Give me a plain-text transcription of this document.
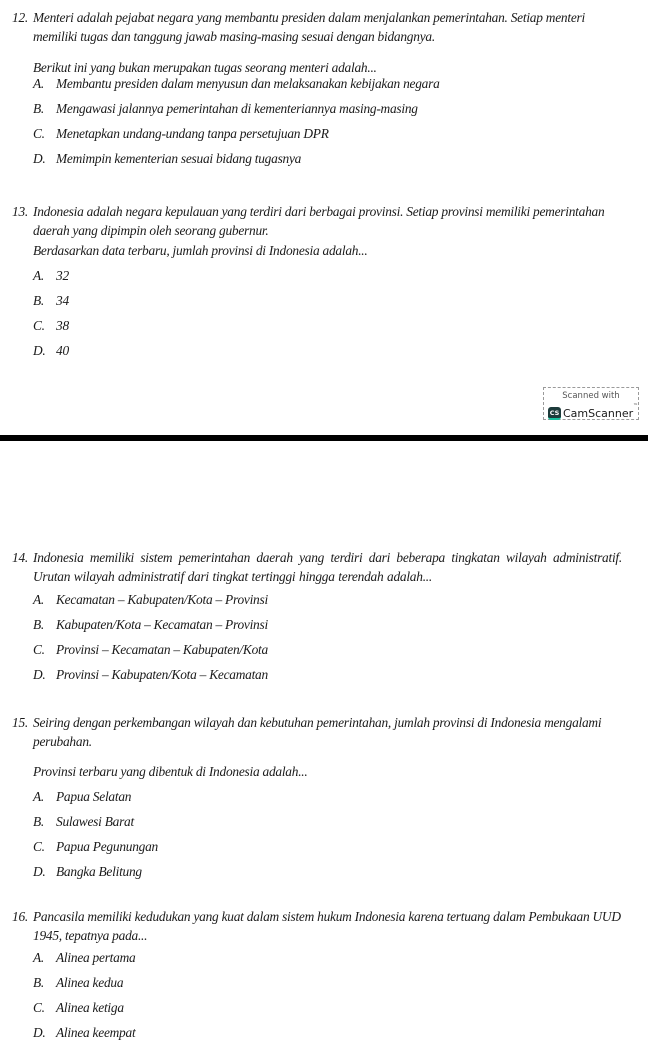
12. Menteri adalah pejabat negara yang membantu presiden dalam menjalankan pemerintahan. Setiap menteri memiliki tugas dan tanggung jawab masing-masing sesuai dengan bidangnya.
Berikut ini yang bukan merupakan tugas seorang menteri adalah...
A. Membantu presiden dalam menyusun dan melaksanakan kebijakan negara
B. Mengawasi jalannya pemerintahan di kementeriannya masing-masing
C. Menetapkan undang-undang tanpa persetujuan DPR
D. Memimpin kementerian sesuai bidang tugasnya
13. Indonesia adalah negara kepulauan yang terdiri dari berbagai provinsi. Setiap provinsi memiliki pemerintahan daerah yang dipimpin oleh seorang gubernur.
Berdasarkan data terbaru, jumlah provinsi di Indonesia adalah...
A. 32
B. 34
C. 38
D. 40
Scanned with
CS CamScanner™
14. Indonesia memiliki sistem pemerintahan daerah yang terdiri dari beberapa tingkatan wilayah administratif. Urutan wilayah administratif dari tingkat tertinggi hingga terendah adalah...
A. Kecamatan – Kabupaten/Kota – Provinsi
B. Kabupaten/Kota – Kecamatan – Provinsi
C. Provinsi – Kecamatan – Kabupaten/Kota
D. Provinsi – Kabupaten/Kota – Kecamatan
15. Seiring dengan perkembangan wilayah dan kebutuhan pemerintahan, jumlah provinsi di Indonesia mengalami perubahan.
Provinsi terbaru yang dibentuk di Indonesia adalah...
A. Papua Selatan
B. Sulawesi Barat
C. Papua Pegunungan
D. Bangka Belitung
16. Pancasila memiliki kedudukan yang kuat dalam sistem hukum Indonesia karena tertuang dalam Pembukaan UUD 1945, tepatnya pada...
A. Alinea pertama
B. Alinea kedua
C. Alinea ketiga
D. Alinea keempat
